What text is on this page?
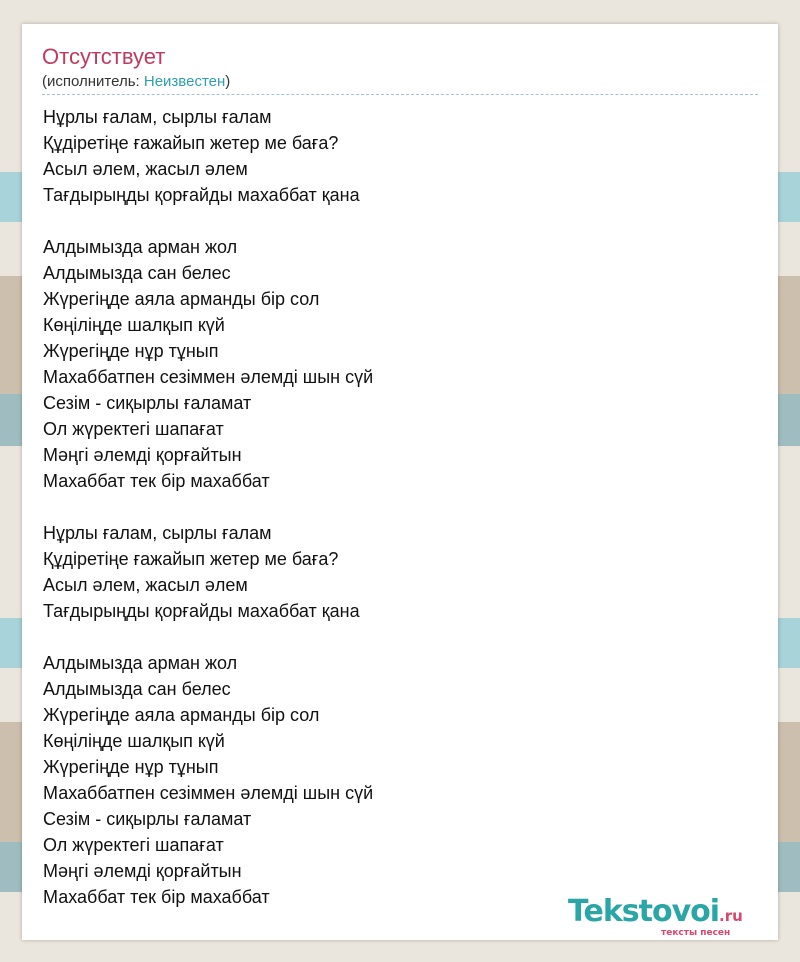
Отсутствует
(исполнитель: Неизвестен)
Нұрлы ғалам, сырлы ғалам
Құдіретіңе ғажайып жетер ме баға?
Асыл әлем, жасыл әлем
Тағдырыңды қорғайды махаббат қана
Алдымызда арман жол
Алдымызда сан белес
Жүрегіңде аяла арманды бір сол
Көңіліңде шалқып күй
Жүрегіңде нұр тұнып
Махаббатпен сезіммен әлемді шын сүй
Сезім - сиқырлы ғаламат
Ол жүректегі шапағат
Мәңгі әлемді қорғайтын
Махаббат тек бір махаббат
Нұрлы ғалам, сырлы ғалам
Құдіретіңе ғажайып жетер ме баға?
Асыл әлем, жасыл әлем
Тағдырыңды қорғайды махаббат қана
Алдымызда арман жол
Алдымызда сан белес
Жүрегіңде аяла арманды бір сол
Көңіліңде шалқып күй
Жүрегіңде нұр тұнып
Махаббатпен сезіммен әлемді шын сүй
Сезім - сиқырлы ғаламат
Ол жүректегі шапағат
Мәңгі әлемді қорғайтын
Махаббат тек бір махаббат	Tekstovoi.ru
тексты песен
